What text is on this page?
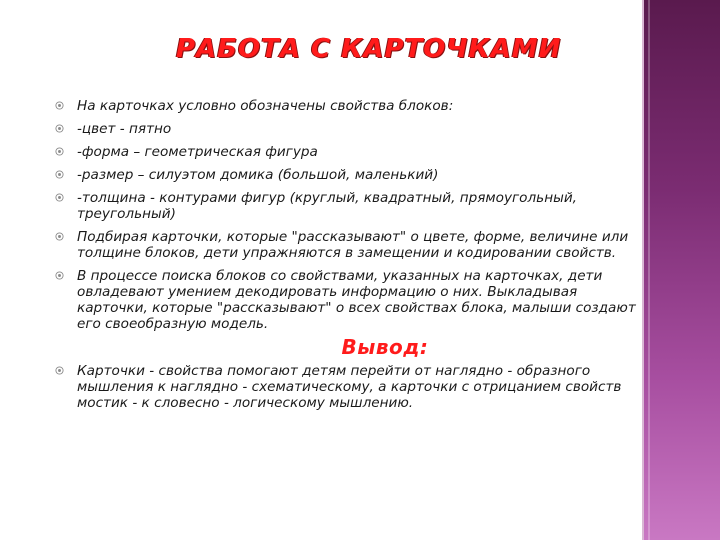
РАБОТА С КАРТОЧКАМИ
На карточках условно обозначены свойства блоков:
-цвет - пятно
-форма – геометрическая фигура
-размер – силуэтом домика (большой, маленький)
-толщина - контурами фигур (круглый, квадратный, прямоугольный, треугольный)
Подбирая карточки, которые "рассказывают" о цвете, форме, величине или толщине блоков, дети упражняются в замещении и кодировании свойств.
В процессе поиска блоков со свойствами, указанных на карточках, дети овладевают умением декодировать информацию о них. Выкладывая карточки, которые "рассказывают" о всех свойствах блока, малыши создают его своеобразную модель.
Вывод:
Карточки - свойства помогают детям перейти от наглядно - образного мышления к наглядно - схематическому, а карточки с отрицанием свойств мостик - к словесно - логическому мышлению.
